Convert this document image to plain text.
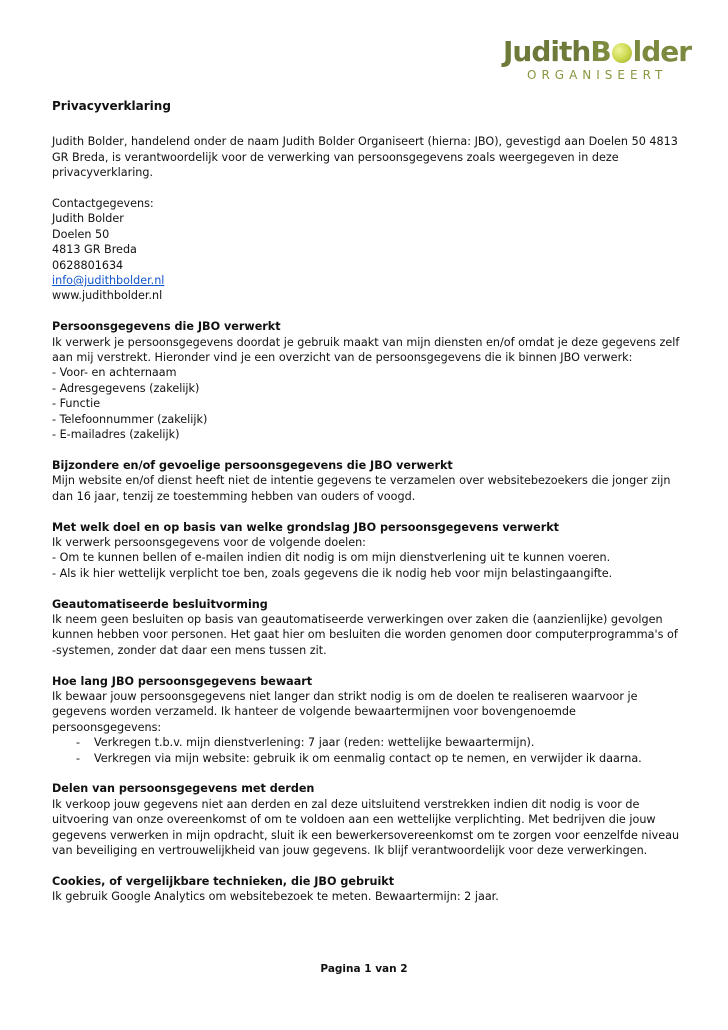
JudithB lder
ORGANISEERT

Privacyverklaring

Judith Bolder, handelend onder de naam Judith Bolder Organiseert (hierna: JBO), gevestigd aan Doelen 50 4813 GR Breda, is verantwoordelijk voor de verwerking van persoonsgegevens zoals weergegeven in deze privacyverklaring.

Contactgegevens:

Judith Bolder

Doelen 50

4813 GR Breda

0628801634

info@judithbolder.nl

www.judithbolder.nl

Persoonsgegevens die JBO verwerkt

Ik verwerk je persoonsgegevens doordat je gebruik maakt van mijn diensten en/of omdat je deze gegevens zelf aan mij verstrekt. Hieronder vind je een overzicht van de persoonsgegevens die ik binnen JBO verwerk:

- Voor- en achternaam

- Adresgegevens (zakelijk)

- Functie

- Telefoonnummer (zakelijk)

- E-mailadres (zakelijk)

Bijzondere en/of gevoelige persoonsgegevens die JBO verwerkt

Mijn website en/of dienst heeft niet de intentie gegevens te verzamelen over websitebezoekers die jonger zijn dan 16 jaar, tenzij ze toestemming hebben van ouders of voogd.

Met welk doel en op basis van welke grondslag JBO persoonsgegevens verwerkt

Ik verwerk persoonsgegevens voor de volgende doelen:

- Om te kunnen bellen of e-mailen indien dit nodig is om mijn dienstverlening uit te kunnen voeren.

- Als ik hier wettelijk verplicht toe ben, zoals gegevens die ik nodig heb voor mijn belastingaangifte.

Geautomatiseerde besluitvorming

Ik neem geen besluiten op basis van geautomatiseerde verwerkingen over zaken die (aanzienlijke) gevolgen kunnen hebben voor personen. Het gaat hier om besluiten die worden genomen door computerprogramma's of -systemen, zonder dat daar een mens tussen zit.

Hoe lang JBO persoonsgegevens bewaart

Ik bewaar jouw persoonsgegevens niet langer dan strikt nodig is om de doelen te realiseren waarvoor je gegevens worden verzameld. Ik hanteer de volgende bewaartermijnen voor bovengenoemde persoonsgegevens:

- Verkregen t.b.v. mijn dienstverlening: 7 jaar (reden: wettelijke bewaartermijn).
- Verkregen via mijn website: gebruik ik om eenmalig contact op te nemen, en verwijder ik daarna.

Delen van persoonsgegevens met derden

Ik verkoop jouw gegevens niet aan derden en zal deze uitsluitend verstrekken indien dit nodig is voor de uitvoering van onze overeenkomst of om te voldoen aan een wettelijke verplichting. Met bedrijven die jouw gegevens verwerken in mijn opdracht, sluit ik een bewerkersovereenkomst om te zorgen voor eenzelfde niveau van beveiliging en vertrouwelijkheid van jouw gegevens. Ik blijf verantwoordelijk voor deze verwerkingen.

Cookies, of vergelijkbare technieken, die JBO gebruikt

Ik gebruik Google Analytics om websitebezoek te meten. Bewaartermijn: 2 jaar.

Pagina 1 van 2
